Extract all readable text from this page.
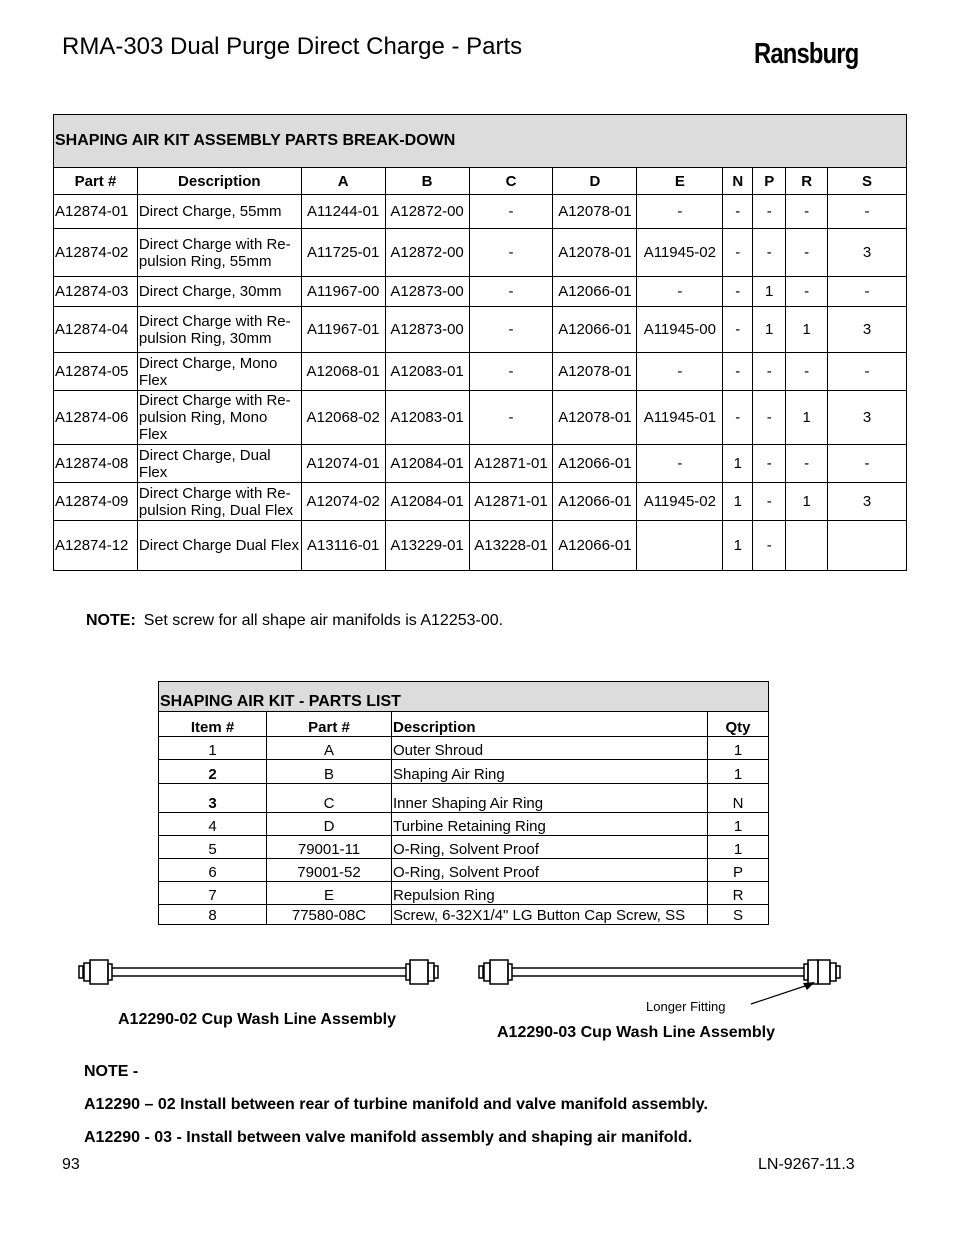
RMA-303 Dual Purge Direct Charge - Parts	Ransburg
SHAPING AIR KIT ASSEMBLY PARTS BREAK-DOWN										
Part #	Description	A	B	C	D	E	N	P	R	S
A12874-01	Direct Charge, 55mm	A11244-01	A12872-00	-	A12078-01	-	-	-	-	-
A12874-02	Direct Charge with Re-pulsion Ring, 55mm	A11725-01	A12872-00	-	A12078-01	A11945-02	-	-	-	3
A12874-03	Direct Charge, 30mm	A11967-00	A12873-00	-	A12066-01	-	-	1	-	-
A12874-04	Direct Charge with Re-pulsion Ring, 30mm	A11967-01	A12873-00	-	A12066-01	A11945-00	-	1	1	3
A12874-05	Direct Charge, Mono Flex	A12068-01	A12083-01	-	A12078-01	-	-	-	-	-
A12874-06	Direct Charge with Re-pulsion Ring, Mono Flex	A12068-02	A12083-01	-	A12078-01	A11945-01	-	-	1	3
A12874-08	Direct Charge, Dual Flex	A12074-01	A12084-01	A12871-01	A12066-01	-	1	-	-	-
A12874-09	Direct Charge with Re-pulsion Ring, Dual Flex	A12074-02	A12084-01	A12871-01	A12066-01	A11945-02	1	-	1	3
A12874-12	Direct Charge Dual Flex	A13116-01	A13229-01	A13228-01	A12066-01		1	-		
NOTE: Set screw for all shape air manifolds is A12253-00.
SHAPING AIR KIT - PARTS LIST			
Item #	Part #	Description	Qty
1	A	Outer Shroud	1
2	B	Shaping Air Ring	1
3	C	Inner Shaping Air Ring	N
4	D	Turbine Retaining Ring	1
5	79001-11	O-Ring, Solvent Proof	1
6	79001-52	O-Ring, Solvent Proof	P
7	E	Repulsion Ring	R
8	77580-08C	Screw, 6-32X1/4" LG Button Cap Screw, SS	S
Longer Fitting
A12290-02 Cup Wash Line Assembly
A12290-03 Cup Wash Line Assembly
NOTE -
A12290 – 02 Install between rear of turbine manifold and valve manifold assembly.
A12290 - 03 - Install between valve manifold assembly and shaping air manifold.
93	LN-9267-11.3
